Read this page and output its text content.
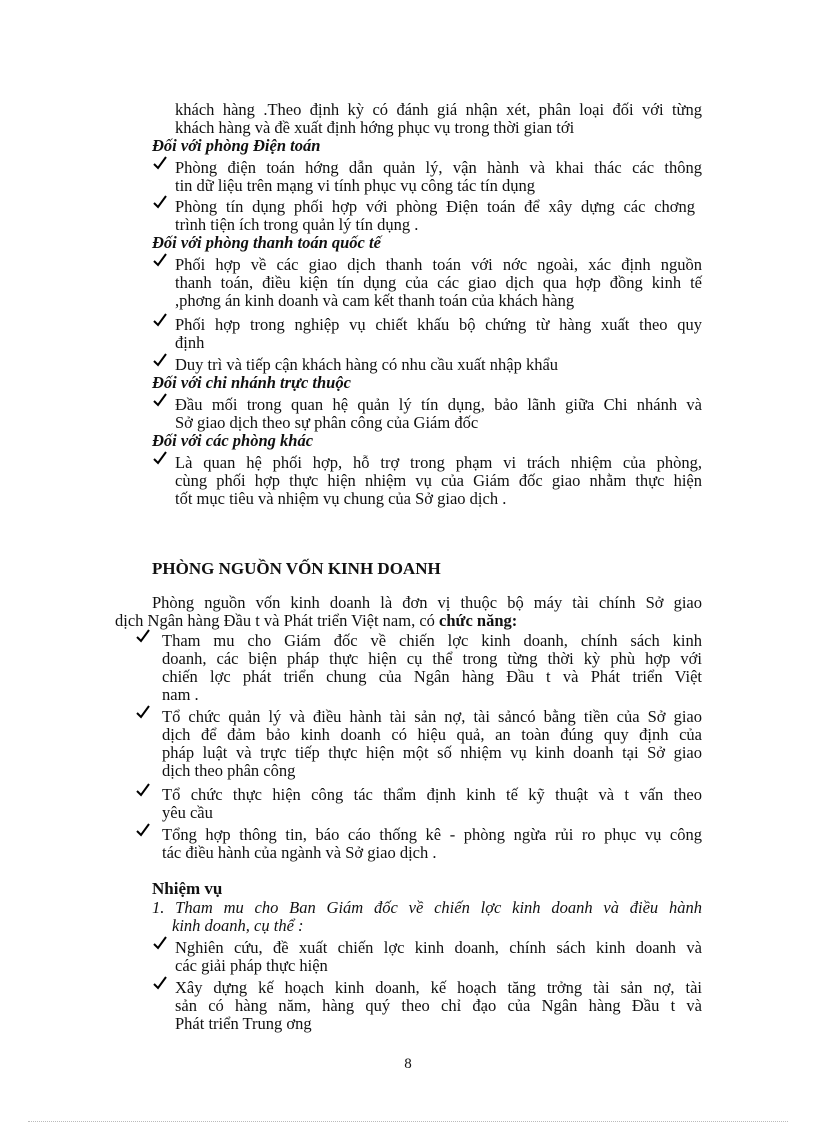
khách hàng .Theo định kỳ có đánh giá nhận xét, phân loại đối với từng
khách hàng và đề xuất định hớng phục vụ trong thời gian tới
Đối với phòng Điện toán
Phòng điện toán hớng dẫn quản lý, vận hành và khai thác các thông
tin dữ liệu trên mạng vi tính phục vụ công tác tín dụng
Phòng tín dụng phối hợp với phòng Điện toán để xây dựng các chơng
trình tiện ích trong quản lý tín dụng .
Đối với phòng thanh toán quốc tế
Phối hợp về các giao dịch thanh toán với nớc ngoài, xác định nguồn
thanh toán, điều kiện tín dụng của các giao dịch qua hợp đồng kinh tế
,phơng án kinh doanh và cam kết thanh toán của khách hàng
Phối hợp trong nghiệp vụ chiết khấu bộ chứng từ hàng xuất theo quy
định
Duy trì và tiếp cận khách hàng có nhu cầu xuất nhập khẩu
Đối với chi nhánh trực thuộc
Đầu mối trong quan hệ quản lý tín dụng, bảo lãnh giữa Chi nhánh và
Sở giao dịch theo sự phân công của Giám đốc
Đối với các phòng khác
Là quan hệ phối hợp, hỗ trợ trong phạm vi trách nhiệm của phòng,
cùng phối hợp thực hiện nhiệm vụ của Giám đốc giao nhằm thực hiện
tốt mục tiêu và nhiệm vụ chung của Sở giao dịch .
PHÒNG NGUỒN VỐN KINH DOANH
Phòng nguồn vốn kinh doanh là đơn vị thuộc bộ máy tài chính Sở giao
dịch Ngân hàng Đầu t và Phát triển Việt nam, có chức năng:
Tham mu cho Giám đốc về chiến lợc kinh doanh, chính sách kinh
doanh, các biện pháp thực hiện cụ thể trong từng thời kỳ phù hợp với
chiến lợc phát triển chung của Ngân hàng Đầu t và Phát triển Việt
nam .
Tổ chức quản lý và điều hành tài sản nợ, tài sảncó bằng tiền của Sở giao
dịch để đảm bảo kinh doanh có hiệu quả, an toàn đúng quy định của
pháp luật và trực tiếp thực hiện một số nhiệm vụ kinh doanh tại Sở giao
dịch theo phân công
Tổ chức thực hiện công tác thẩm định kinh tế kỹ thuật và t vấn theo
yêu cầu
Tổng hợp thông tin, báo cáo thống kê - phòng ngừa rủi ro phục vụ công
tác điều hành của ngành và Sở giao dịch .
Nhiệm vụ
1. Tham mu cho Ban Giám đốc về chiến lợc kinh doanh và điều hành
kinh doanh, cụ thể :
Nghiên cứu, đề xuất chiến lợc kinh doanh, chính sách kinh doanh và
các giải pháp thực hiện
Xây dựng kế hoạch kinh doanh, kế hoạch tăng trởng tài sản nợ, tài
sản có hàng năm, hàng quý theo chỉ đạo của Ngân hàng Đầu t và
Phát triển Trung ơng
8
